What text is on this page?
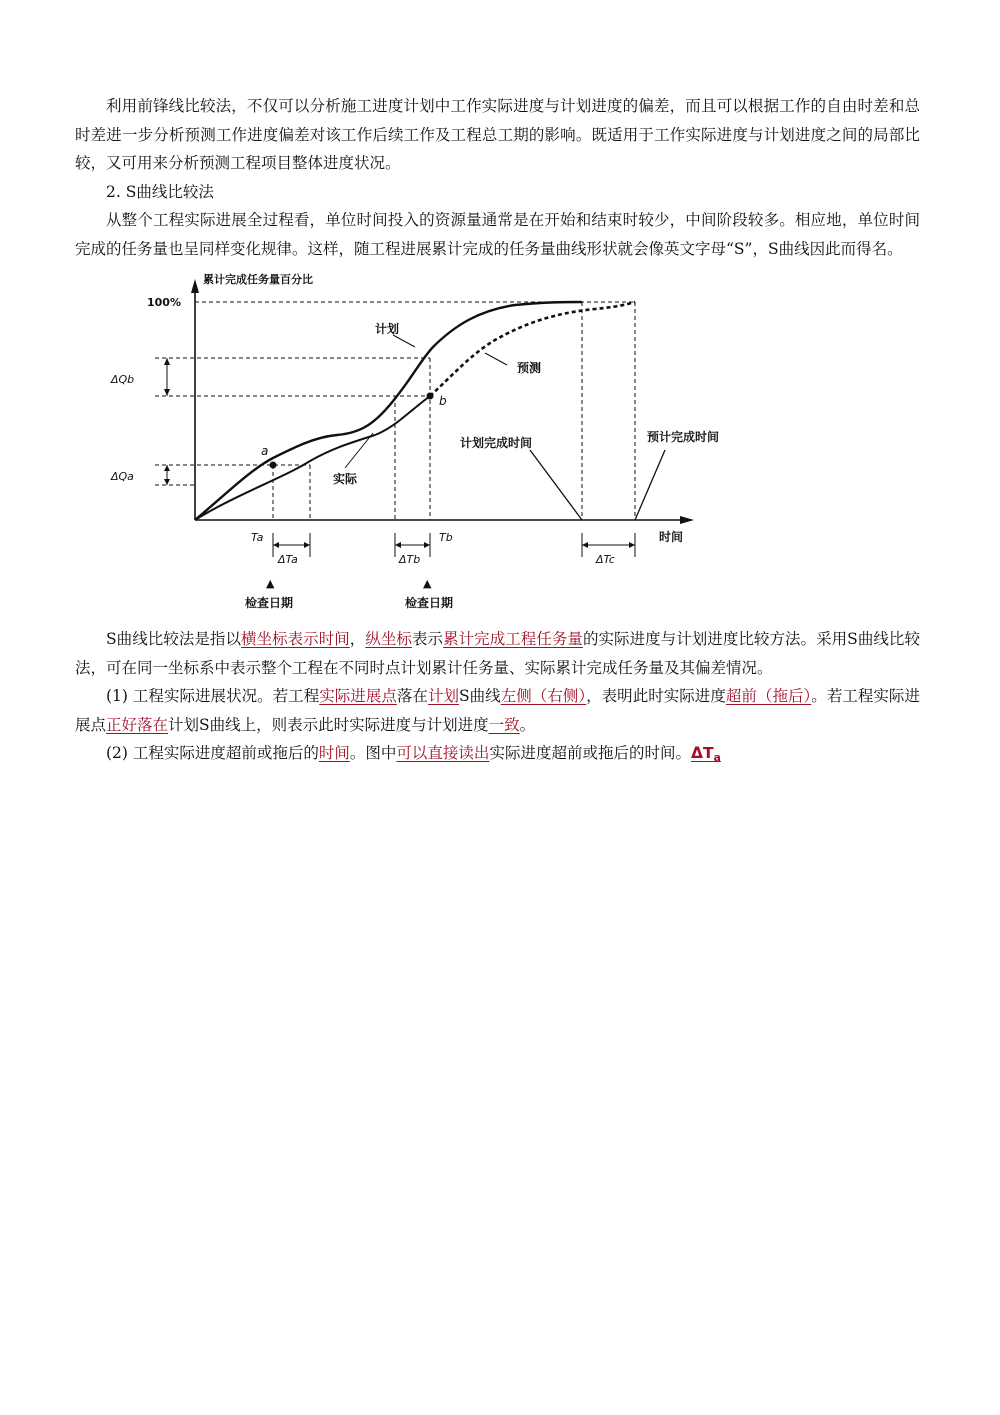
利用前锋线比较法，不仅可以分析施工进度计划中工作实际进度与计划进度的偏差，而且可以根据工作的自由时差和总时差进一步分析预测工作进度偏差对该工作后续工作及工程总工期的影响。既适用于工作实际进度与计划进度之间的局部比较，又可用来分析预测工程项目整体进度状况。

2. S曲线比较法

从整个工程实际进展全过程看，单位时间投入的资源量通常是在开始和结束时较少，中间阶段较多。相应地，单位时间完成的任务量也呈同样变化规律。这样，随工程进展累计完成的任务量曲线形状就会像英文字母“S”，S曲线因此而得名。

累计完成任务量百分比
100%
时间
计划
预测
实际
计划完成时间	预计完成时间
a
b
ΔQb
ΔQa
Ta	Tb
ΔTa	ΔTb	ΔTc
▲	▲
检查日期	检查日期

S曲线比较法是指以横坐标表示时间，纵坐标表示累计完成工程任务量的实际进度与计划进度比较方法。采用S曲线比较法，可在同一坐标系中表示整个工程在不同时点计划累计任务量、实际累计完成任务量及其偏差情况。

(1) 工程实际进展状况。若工程实际进展点落在计划S曲线左侧（右侧），表明此时实际进度超前（拖后）。若工程实际进展点正好落在计划S曲线上，则表示此时实际进度与计划进度一致。

(2) 工程实际进度超前或拖后的时间。图中可以直接读出实际进度超前或拖后的时间。$\Delta T_a$
